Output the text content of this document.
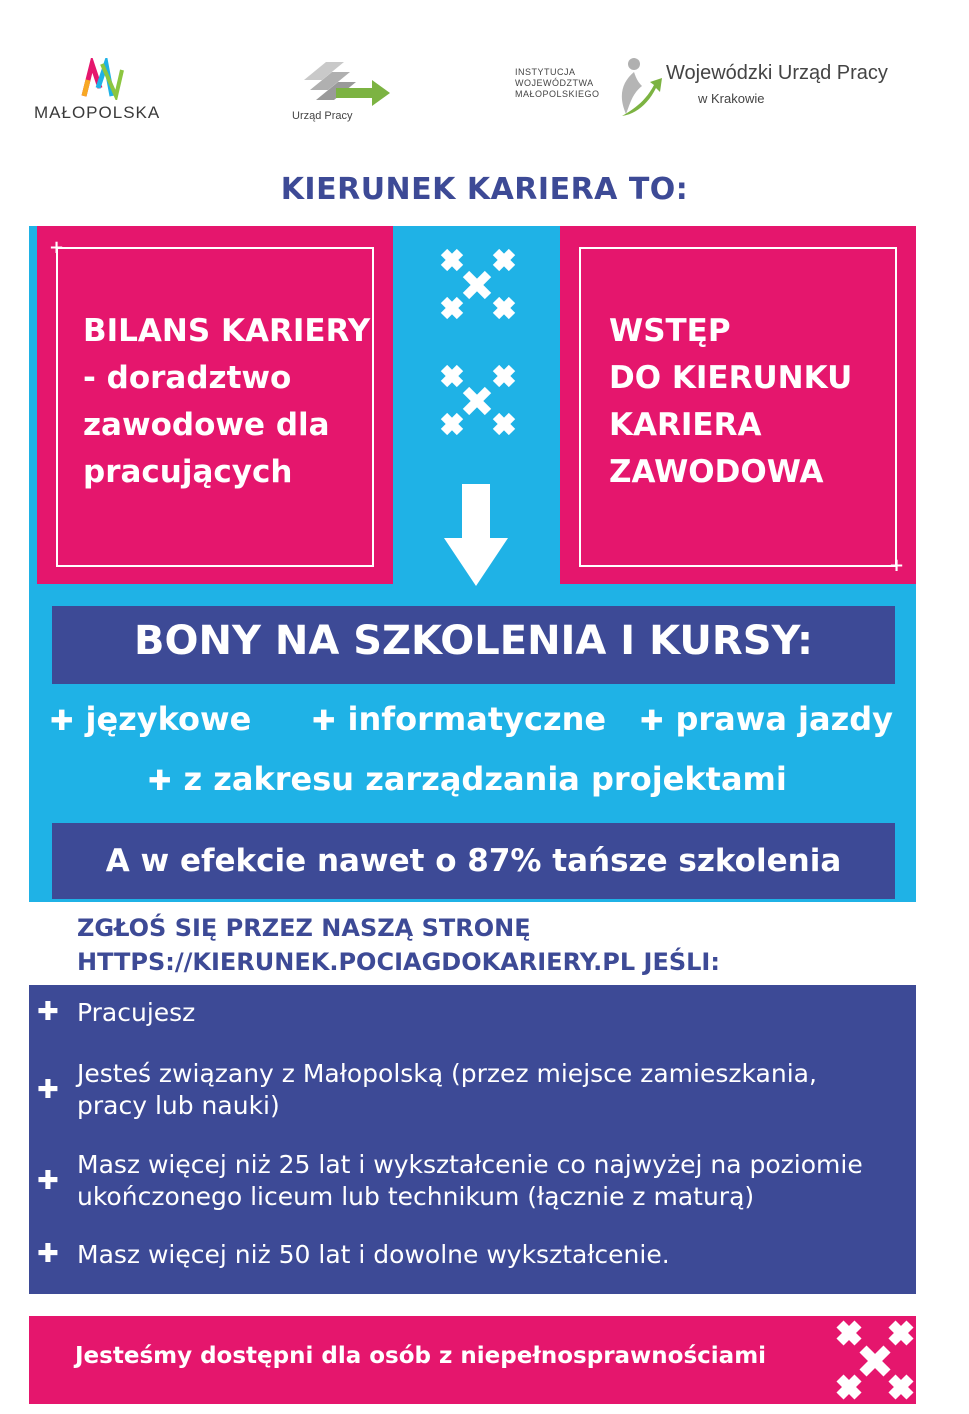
MAŁOPOLSKA	Urząd Pracy
INSTYTUCJA
WOJEWÓDZTWA
MAŁOPOLSKIEGO
Wojewódzki Urząd Pracy
w Krakowie
KIERUNEK KARIERA TO:
+
BILANS KARIERY
- doradztwo
zawodowe dla
pracujących
+
WSTĘP
DO KIERUNKU
KARIERA
ZAWODOWA
BONY NA SZKOLENIA I KURSY:
✚ językowe ✚ informatyczne ✚ prawa jazdy
✚ z zakresu zarządzania projektami
A w efekcie nawet o 87% tańsze szkolenia
ZGŁOŚ SIĘ PRZEZ NASZĄ STRONĘ
HTTPS://KIERUNEK.POCIAGDOKARIERY.PL JEŚLI:
✚ Pracujesz
✚
Jesteś związany z Małopolską (przez miejsce zamieszkania,
pracy lub nauki)
✚
Masz więcej niż 25 lat i wykształcenie co najwyżej na poziomie
ukończonego liceum lub technikum (łącznie z maturą)
✚ Masz więcej niż 50 lat i dowolne wykształcenie.
Jesteśmy dostępni dla osób z niepełnosprawnościami
